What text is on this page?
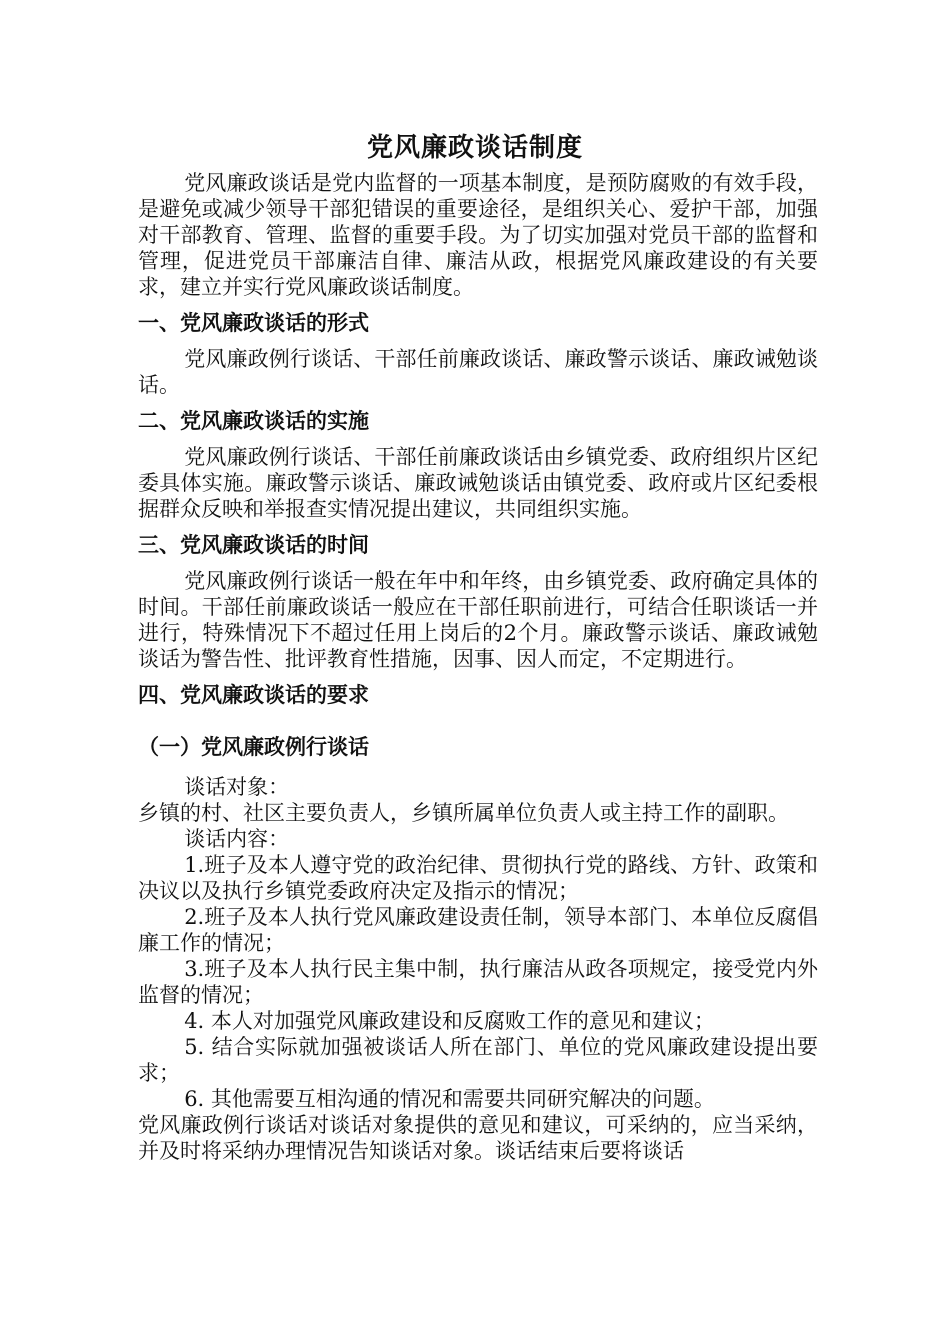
党风廉政谈话制度

党风廉政谈话是党内监督的一项基本制度，是预防腐败的有效手段，是避免或减少领导干部犯错误的重要途径，是组织关心、爱护干部，加强对干部教育、管理、监督的重要手段。为了切实加强对党员干部的监督和管理，促进党员干部廉洁自律、廉洁从政，根据党风廉政建设的有关要求，建立并实行党风廉政谈话制度。

一、党风廉政谈话的形式

党风廉政例行谈话、干部任前廉政谈话、廉政警示谈话、廉政诫勉谈话。

二、党风廉政谈话的实施

党风廉政例行谈话、干部任前廉政谈话由乡镇党委、政府组织片区纪委具体实施。廉政警示谈话、廉政诫勉谈话由镇党委、政府或片区纪委根据群众反映和举报查实情况提出建议，共同组织实施。

三、党风廉政谈话的时间

党风廉政例行谈话一般在年中和年终，由乡镇党委、政府确定具体的时间。干部任前廉政谈话一般应在干部任职前进行，可结合任职谈话一并进行，特殊情况下不超过任用上岗后的2个月。廉政警示谈话、廉政诫勉谈话为警告性、批评教育性措施，因事、因人而定，不定期进行。

四、党风廉政谈话的要求

（一）党风廉政例行谈话

谈话对象：

乡镇的村、社区主要负责人，乡镇所属单位负责人或主持工作的副职。

谈话内容：

1.班子及本人遵守党的政治纪律、贯彻执行党的路线、方针、政策和决议以及执行乡镇党委政府决定及指示的情况；

2.班子及本人执行党风廉政建设责任制，领导本部门、本单位反腐倡廉工作的情况；

3.班子及本人执行民主集中制，执行廉洁从政各项规定，接受党内外监督的情况；

4. 本人对加强党风廉政建设和反腐败工作的意见和建议；

5. 结合实际就加强被谈话人所在部门、单位的党风廉政建设提出要求；

6. 其他需要互相沟通的情况和需要共同研究解决的问题。

党风廉政例行谈话对谈话对象提供的意见和建议，可采纳的，应当采纳，并及时将采纳办理情况告知谈话对象。谈话结束后要将谈话
